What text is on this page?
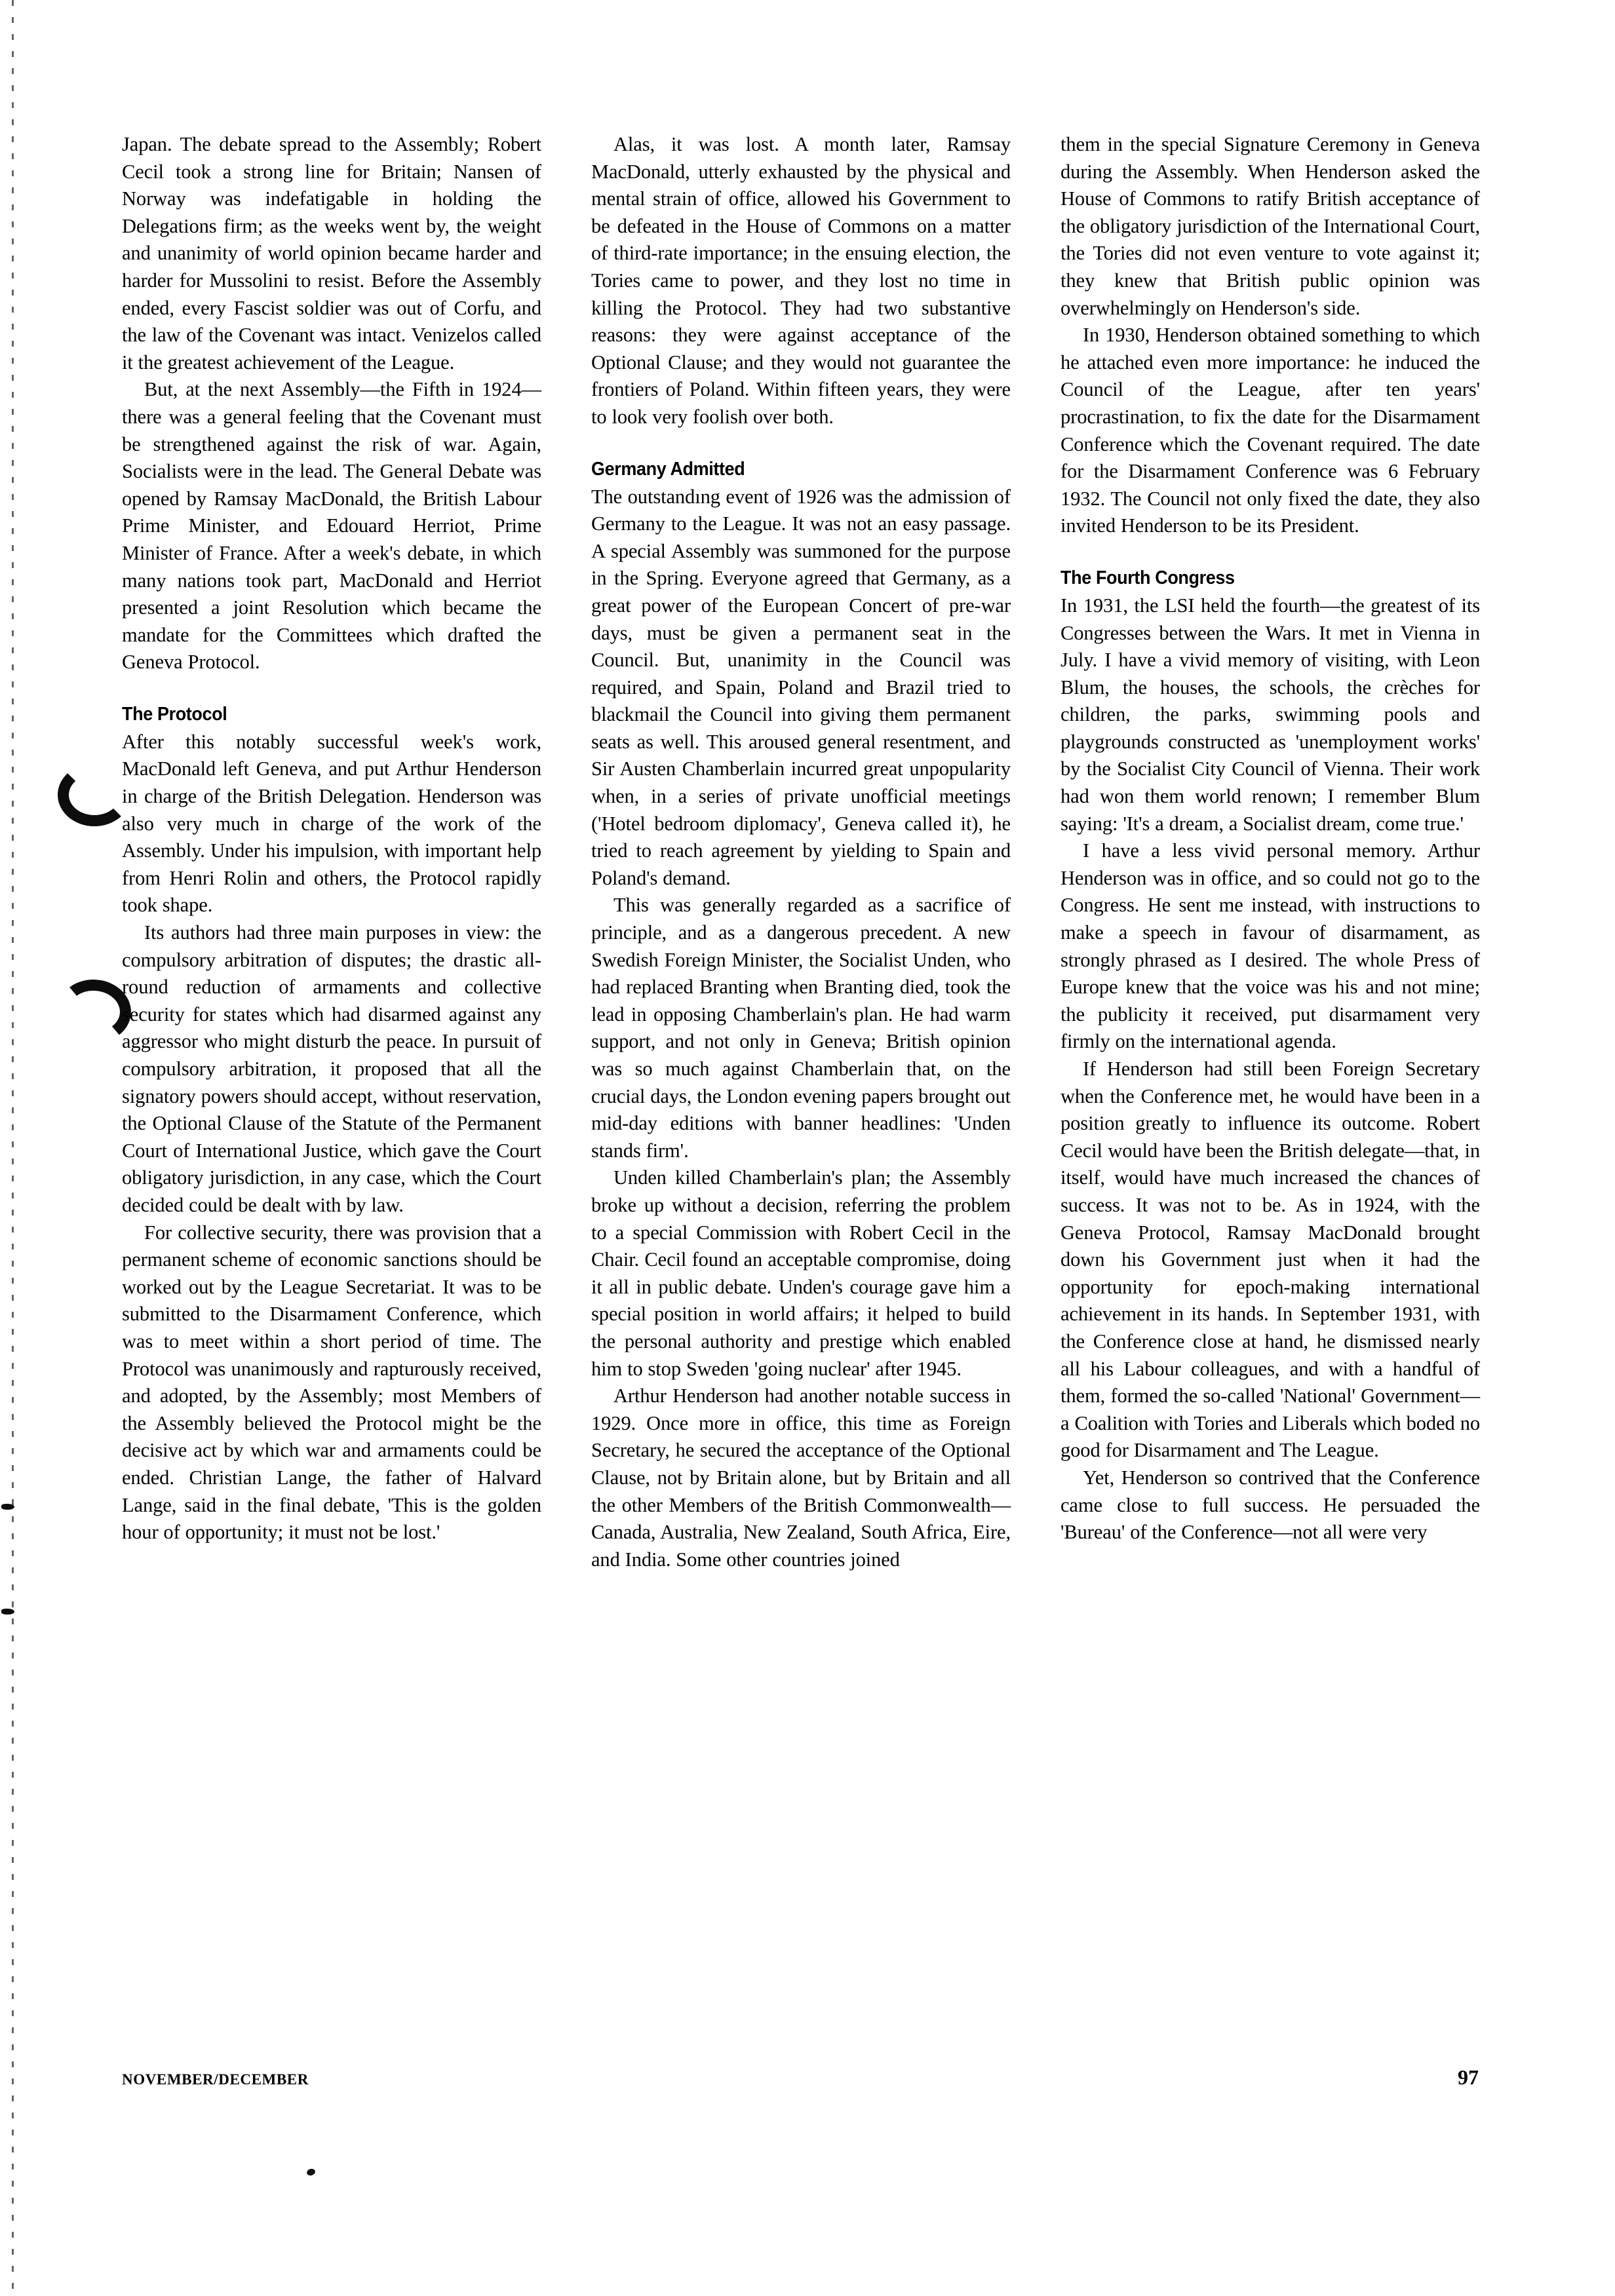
Japan. The debate spread to the Assembly; Robert Cecil took a strong line for Britain; Nansen of Norway was indefatigable in holding the Delegations firm; as the weeks went by, the weight and unanimity of world opinion became harder and harder for Mussolini to resist. Before the Assembly ended, every Fascist soldier was out of Corfu, and the law of the Covenant was intact. Venizelos called it the greatest achievement of the League.

But, at the next Assembly—the Fifth in 1924—there was a general feeling that the Covenant must be strengthened against the risk of war. Again, Socialists were in the lead. The General Debate was opened by Ramsay MacDonald, the British Labour Prime Minister, and Edouard Herriot, Prime Minister of France. After a week's debate, in which many nations took part, MacDonald and Herriot presented a joint Resolution which became the mandate for the Committees which drafted the Geneva Protocol.

The Protocol

After this notably successful week's work, MacDonald left Geneva, and put Arthur Henderson in charge of the British Delegation. Henderson was also very much in charge of the work of the Assembly. Under his impulsion, with important help from Henri Rolin and others, the Protocol rapidly took shape.

Its authors had three main purposes in view: the compulsory arbitration of disputes; the drastic all-round reduction of armaments and collective security for states which had disarmed against any aggressor who might disturb the peace. In pursuit of compulsory arbitration, it proposed that all the signatory powers should accept, without reservation, the Optional Clause of the Statute of the Permanent Court of International Justice, which gave the Court obligatory jurisdiction, in any case, which the Court decided could be dealt with by law.

For collective security, there was provision that a permanent scheme of economic sanctions should be worked out by the League Secretariat. It was to be submitted to the Disarmament Conference, which was to meet within a short period of time. The Protocol was unanimously and rapturously received, and adopted, by the Assembly; most Members of the Assembly believed the Protocol might be the decisive act by which war and armaments could be ended. Christian Lange, the father of Halvard Lange, said in the final debate, 'This is the golden hour of opportunity; it must not be lost.'

Alas, it was lost. A month later, Ramsay MacDonald, utterly exhausted by the physical and mental strain of office, allowed his Government to be defeated in the House of Commons on a matter of third-rate importance; in the ensuing election, the Tories came to power, and they lost no time in killing the Protocol. They had two substantive reasons: they were against acceptance of the Optional Clause; and they would not guarantee the frontiers of Poland. Within fifteen years, they were to look very foolish over both.

Germany Admitted

The outstandıng event of 1926 was the admission of Germany to the League. It was not an easy passage. A special Assembly was summoned for the purpose in the Spring. Everyone agreed that Germany, as a great power of the European Concert of pre-war days, must be given a permanent seat in the Council. But, unanimity in the Council was required, and Spain, Poland and Brazil tried to blackmail the Council into giving them permanent seats as well. This aroused general resentment, and Sir Austen Chamberlain incurred great unpopularity when, in a series of private unofficial meetings ('Hotel bedroom diplomacy', Geneva called it), he tried to reach agreement by yielding to Spain and Poland's demand.

This was generally regarded as a sacrifice of principle, and as a dangerous precedent. A new Swedish Foreign Minister, the Socialist Unden, who had replaced Branting when Branting died, took the lead in opposing Chamberlain's plan. He had warm support, and not only in Geneva; British opinion was so much against Chamberlain that, on the crucial days, the London evening papers brought out mid-day editions with banner headlines: 'Unden stands firm'.

Unden killed Chamberlain's plan; the Assembly broke up without a decision, referring the problem to a special Commission with Robert Cecil in the Chair. Cecil found an acceptable compromise, doing it all in public debate. Unden's courage gave him a special position in world affairs; it helped to build the personal authority and prestige which enabled him to stop Sweden 'going nuclear' after 1945.

Arthur Henderson had another notable success in 1929. Once more in office, this time as Foreign Secretary, he secured the acceptance of the Optional Clause, not by Britain alone, but by Britain and all the other Members of the British Commonwealth—Canada, Australia, New Zealand, South Africa, Eire, and India. Some other countries joined

them in the special Signature Ceremony in Geneva during the Assembly. When Henderson asked the House of Commons to ratify British acceptance of the obligatory jurisdiction of the International Court, the Tories did not even venture to vote against it; they knew that British public opinion was overwhelmingly on Henderson's side.

In 1930, Henderson obtained something to which he attached even more importance: he induced the Council of the League, after ten years' procrastination, to fix the date for the Disarmament Conference which the Covenant required. The date for the Disarmament Conference was 6 February 1932. The Council not only fixed the date, they also invited Henderson to be its President.

The Fourth Congress

In 1931, the LSI held the fourth—the greatest of its Congresses between the Wars. It met in Vienna in July. I have a vivid memory of visiting, with Leon Blum, the houses, the schools, the crèches for children, the parks, swimming pools and playgrounds constructed as 'unemployment works' by the Socialist City Council of Vienna. Their work had won them world renown; I remember Blum saying: 'It's a dream, a Socialist dream, come true.'

I have a less vivid personal memory. Arthur Henderson was in office, and so could not go to the Congress. He sent me instead, with instructions to make a speech in favour of disarmament, as strongly phrased as I desired. The whole Press of Europe knew that the voice was his and not mine; the publicity it received, put disarmament very firmly on the international agenda.

If Henderson had still been Foreign Secretary when the Conference met, he would have been in a position greatly to influence its outcome. Robert Cecil would have been the British delegate—that, in itself, would have much increased the chances of success. It was not to be. As in 1924, with the Geneva Protocol, Ramsay MacDonald brought down his Government just when it had the opportunity for epoch-making international achievement in its hands. In September 1931, with the Conference close at hand, he dismissed nearly all his Labour colleagues, and with a handful of them, formed the so-called 'National' Government—a Coalition with Tories and Liberals which boded no good for Disarmament and The League.

Yet, Henderson so contrived that the Conference came close to full success. He persuaded the 'Bureau' of the Conference—not all were very

NOVEMBER/DECEMBER	97
